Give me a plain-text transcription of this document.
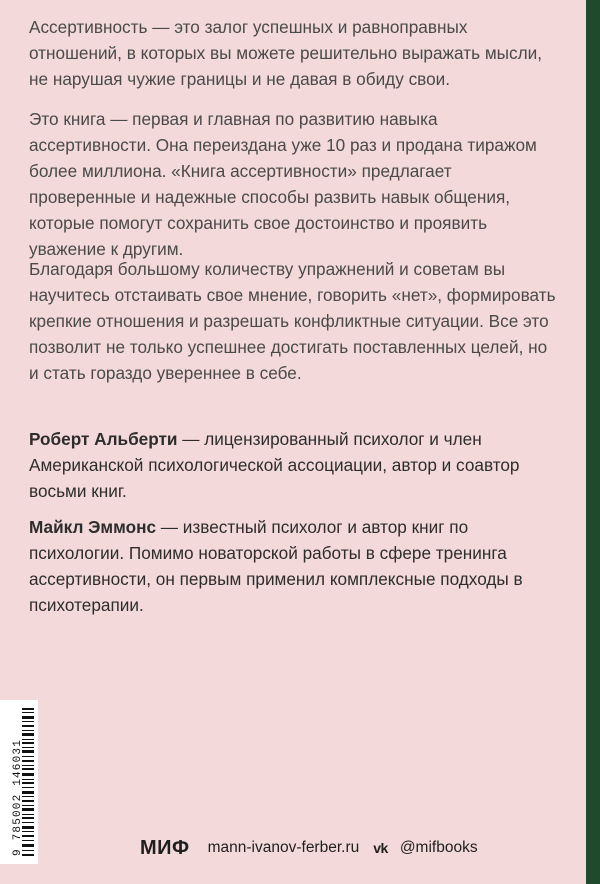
Ассертивность — это залог успешных и равноправных отношений, в которых вы можете решительно выражать мысли, не нарушая чужие границы и не давая в обиду свои.

Это книга — первая и главная по развитию навыка ассертивности. Она переиздана уже 10 раз и продана тиражом более миллиона. «Книга ассертивности» предлагает проверенные и надежные способы развить навык общения, которые помогут сохранить свое достоинство и проявить уважение к другим.

Благодаря большому количеству упражнений и советам вы научитесь отстаивать свое мнение, говорить «нет», формировать крепкие отношения и разрешать конфликтные ситуации. Все это позволит не только успешнее достигать поставленных целей, но и стать гораздо увереннее в себе.

Роберт Альберти — лицензированный психолог и член Американской психологической ассоциации, автор и соавтор восьми книг.

Майкл Эммонс — известный психолог и автор книг по психологии. Помимо новаторской работы в сфере тренинга ассертивности, он первым применил комплексные подходы в психотерапии.

9 785002 146031	МИФ mann-ivanov-ferber.ru vk @mifbooks
